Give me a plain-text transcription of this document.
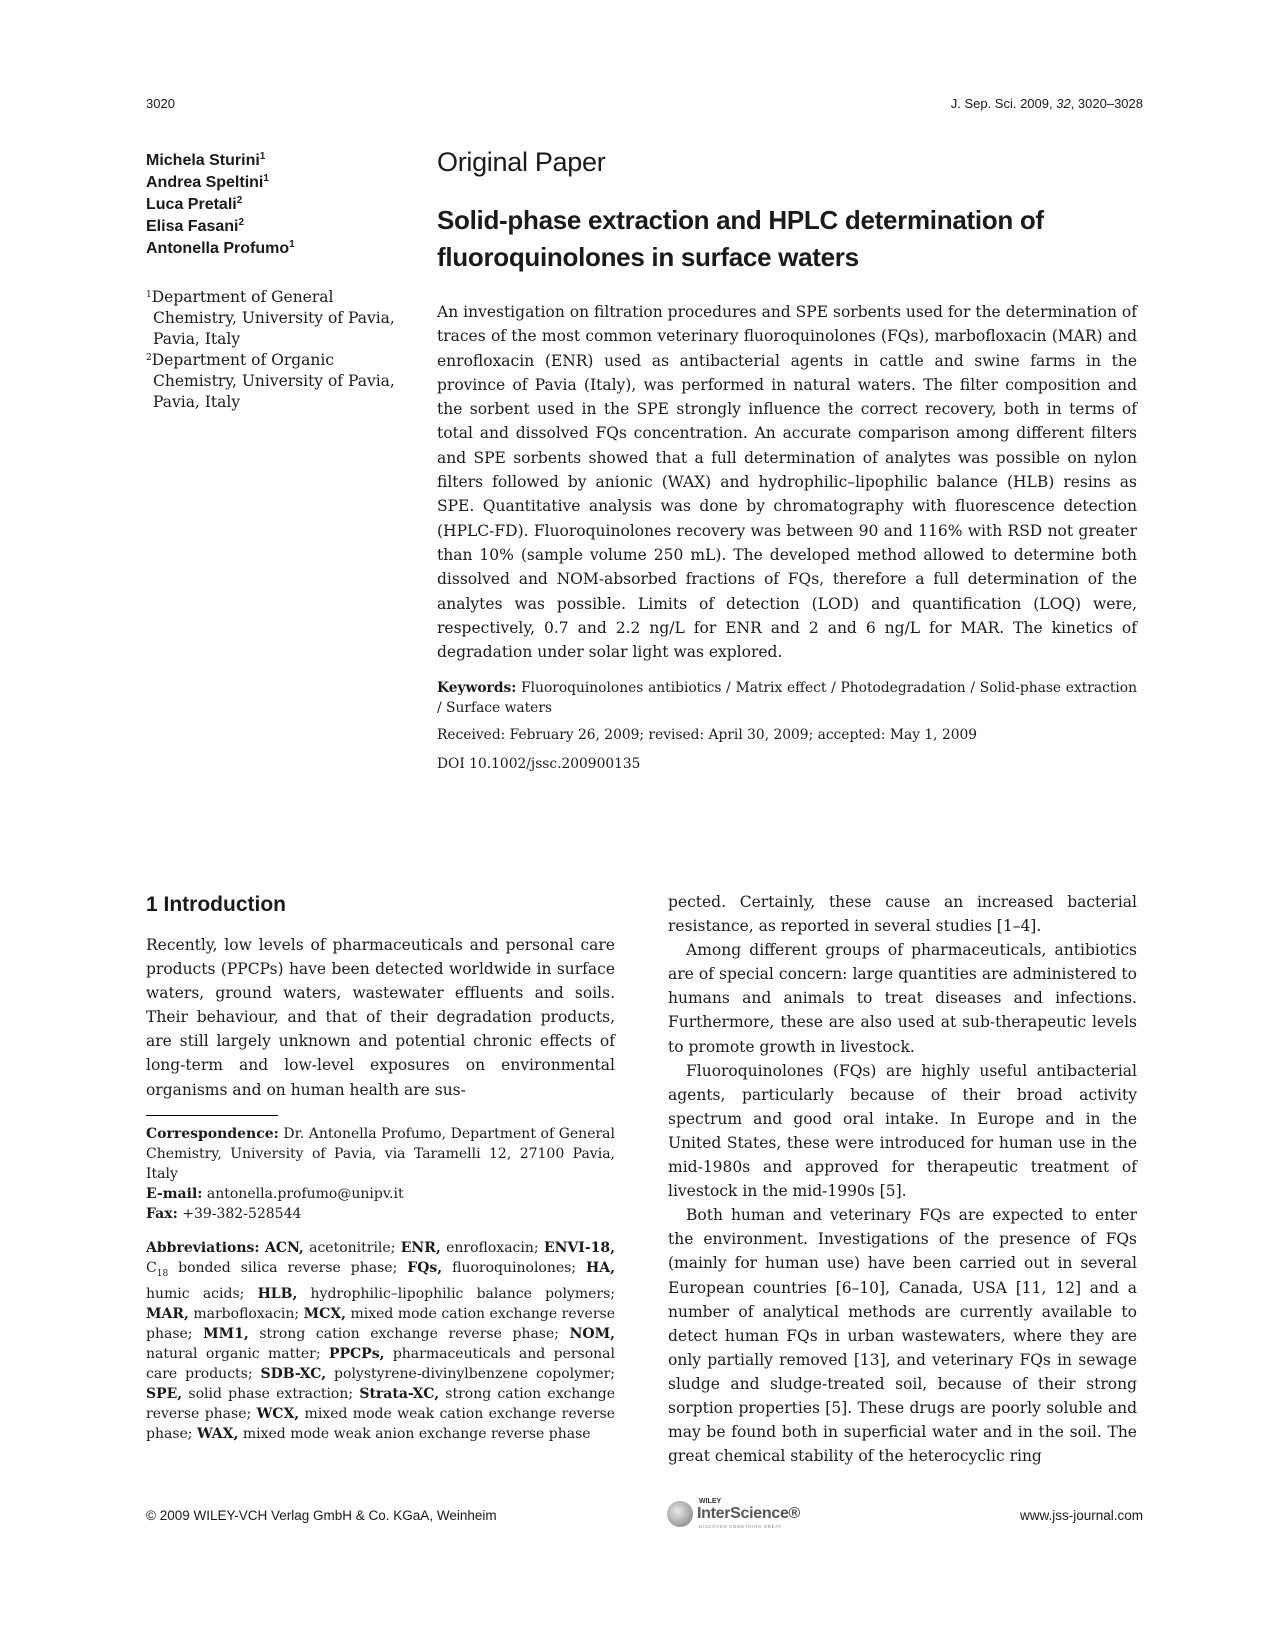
3020	J. Sep. Sci. 2009, 32, 3020–3028
Michela Sturini$^1$
Andrea Speltini$^1$
Luca Pretali$^2$
Elisa Fasani$^2$
Antonella Profumo$^1$
$^1$Department of General Chemistry, University of Pavia, Pavia, Italy
$^2$Department of Organic Chemistry, University of Pavia, Pavia, Italy
Original Paper
Solid-phase extraction and HPLC determination of fluoroquinolones in surface waters

An investigation on filtration procedures and SPE sorbents used for the determination of traces of the most common veterinary fluoroquinolones (FQs), marbofloxacin (MAR) and enrofloxacin (ENR) used as antibacterial agents in cattle and swine farms in the province of Pavia (Italy), was performed in natural waters. The filter composition and the sorbent used in the SPE strongly influence the correct recovery, both in terms of total and dissolved FQs concentration. An accurate comparison among different filters and SPE sorbents showed that a full determination of analytes was possible on nylon filters followed by anionic (WAX) and hydrophilic–lipophilic balance (HLB) resins as SPE. Quantitative analysis was done by chromatography with fluorescence detection (HPLC-FD). Fluoroquinolones recovery was between 90 and 116% with RSD not greater than 10% (sample volume 250 mL). The developed method allowed to determine both dissolved and NOM-absorbed fractions of FQs, therefore a full determination of the analytes was possible. Limits of detection (LOD) and quantification (LOQ) were, respectively, 0.7 and 2.2 ng/L for ENR and 2 and 6 ng/L for MAR. The kinetics of degradation under solar light was explored.

Keywords: Fluoroquinolones antibiotics / Matrix effect / Photodegradation / Solid-phase extraction / Surface waters
Received: February 26, 2009; revised: April 30, 2009; accepted: May 1, 2009
DOI 10.1002/jssc.200900135
1 Introduction

Recently, low levels of pharmaceuticals and personal care products (PPCPs) have been detected worldwide in surface waters, ground waters, wastewater effluents and soils. Their behaviour, and that of their degradation products, are still largely unknown and potential chronic effects of long-term and low-level exposures on environmental organisms and on human health are sus-

pected. Certainly, these cause an increased bacterial resistance, as reported in several studies [1–4].

Among different groups of pharmaceuticals, antibiotics are of special concern: large quantities are administered to humans and animals to treat diseases and infections. Furthermore, these are also used at sub-therapeutic levels to promote growth in livestock.

Fluoroquinolones (FQs) are highly useful antibacterial agents, particularly because of their broad activity spectrum and good oral intake. In Europe and in the United States, these were introduced for human use in the mid-1980s and approved for therapeutic treatment of livestock in the mid-1990s [5].

Both human and veterinary FQs are expected to enter the environment. Investigations of the presence of FQs (mainly for human use) have been carried out in several European countries [6–10], Canada, USA [11, 12] and a number of analytical methods are currently available to detect human FQs in urban wastewaters, where they are only partially removed [13], and veterinary FQs in sewage sludge and sludge-treated soil, because of their strong sorption properties [5]. These drugs are poorly soluble and may be found both in superficial water and in the soil. The great chemical stability of the heterocyclic ring

Correspondence: Dr. Antonella Profumo, Department of General Chemistry, University of Pavia, via Taramelli 12, 27100 Pavia, Italy
E-mail: antonella.profumo@unipv.it
Fax: +39-382-528544
Abbreviations: ACN, acetonitrile; ENR, enrofloxacin; ENVI-18, $C_{18}$ bonded silica reverse phase; FQs, fluoroquinolones; HA, humic acids; HLB, hydrophilic–lipophilic balance polymers; MAR, marbofloxacin; MCX, mixed mode cation exchange reverse phase; MM1, strong cation exchange reverse phase; NOM, natural organic matter; PPCPs, pharmaceuticals and personal care products; SDB-XC, polystyrene-divinylbenzene copolymer; SPE, solid phase extraction; Strata-XC, strong cation exchange reverse phase; WCX, mixed mode weak cation exchange reverse phase; WAX, mixed mode weak anion exchange reverse phase
© 2009 WILEY-VCH Verlag GmbH & Co. KGaA, Weinheim
WILEY
InterScience®
DISCOVER SOMETHING GREAT
www.jss-journal.com
